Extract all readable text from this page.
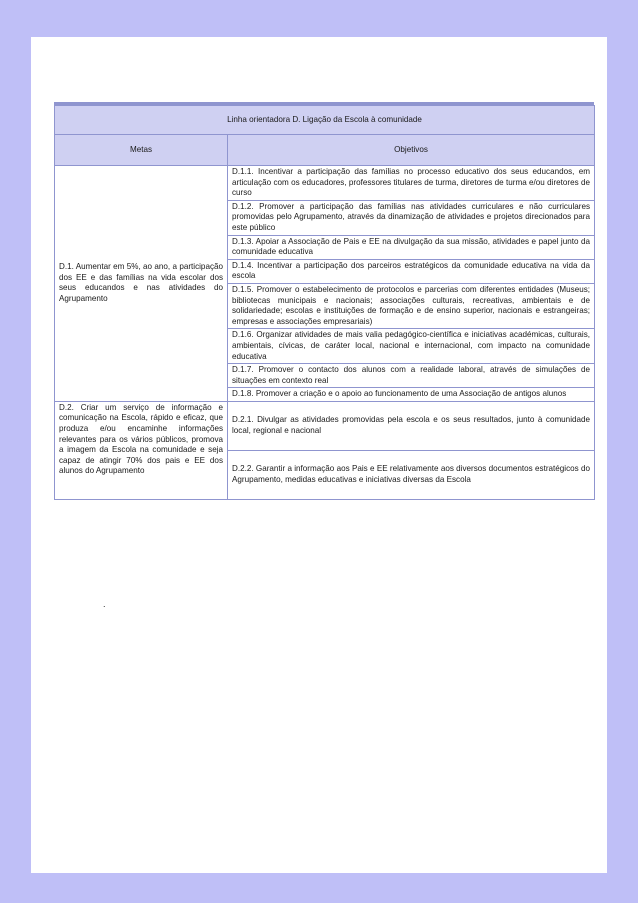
Linha orientadora D. Ligação da Escola à comunidade	
Metas	Objetivos
D.1. Aumentar em 5%, ao ano, a participação dos EE e das famílias na vida escolar dos seus educandos e nas atividades do Agrupamento	D.1.1. Incentivar a participação das famílias no processo educativo dos seus educandos, em articulação com os educadores, professores titulares de turma, diretores de turma e/ou diretores de curso
	D.1.2. Promover a participação das famílias nas atividades curriculares e não curriculares promovidas pelo Agrupamento, através da dinamização de atividades e projetos direcionados para este público
	D.1.3. Apoiar a Associação de Pais e EE na divulgação da sua missão, atividades e papel junto da comunidade educativa
	D.1.4. Incentivar a participação dos parceiros estratégicos da comunidade educativa na vida da escola
	D.1.5. Promover o estabelecimento de protocolos e parcerias com diferentes entidades (Museus; bibliotecas municipais e nacionais; associações culturais, recreativas, ambientais e de solidariedade; escolas e instituições de formação e de ensino superior, nacionais e estrangeiras; empresas e associações empresariais)
	D.1.6. Organizar atividades de mais valia pedagógico-científica e iniciativas académicas, culturais, ambientais, cívicas, de caráter local, nacional e internacional, com impacto na comunidade educativa
	D.1.7. Promover o contacto dos alunos com a realidade laboral, através de simulações de situações em contexto real
	D.1.8. Promover a criação e o apoio ao funcionamento de uma Associação de antigos alunos
D.2. Criar um serviço de informação e comunicação na Escola, rápido e eficaz, que produza e/ou encaminhe informações relevantes para os vários públicos, promova a imagem da Escola na comunidade e seja capaz de atingir 70% dos pais e EE dos alunos do Agrupamento	D.2.1. Divulgar as atividades promovidas pela escola e os seus resultados, junto à comunidade local, regional e nacional
	D.2.2. Garantir a informação aos Pais e EE relativamente aos diversos documentos estratégicos do Agrupamento, medidas educativas e iniciativas diversas da Escola
.
